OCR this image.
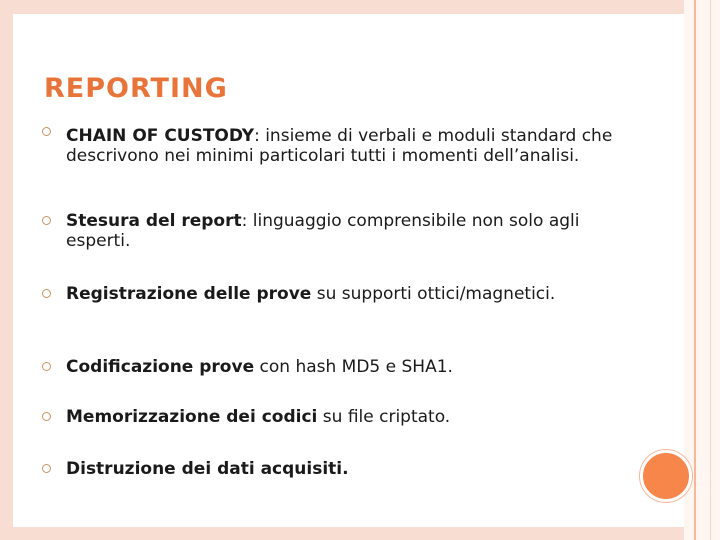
REPORTING
CHAIN OF CUSTODY: insieme di verbali e moduli standard che descrivono nei minimi particolari tutti i momenti dell’analisi.
Stesura del report: linguaggio comprensibile non solo agli esperti.
Registrazione delle prove su supporti ottici/magnetici.
Codificazione prove con hash MD5 e SHA1.
Memorizzazione dei codici su file criptato.
Distruzione dei dati acquisiti.
